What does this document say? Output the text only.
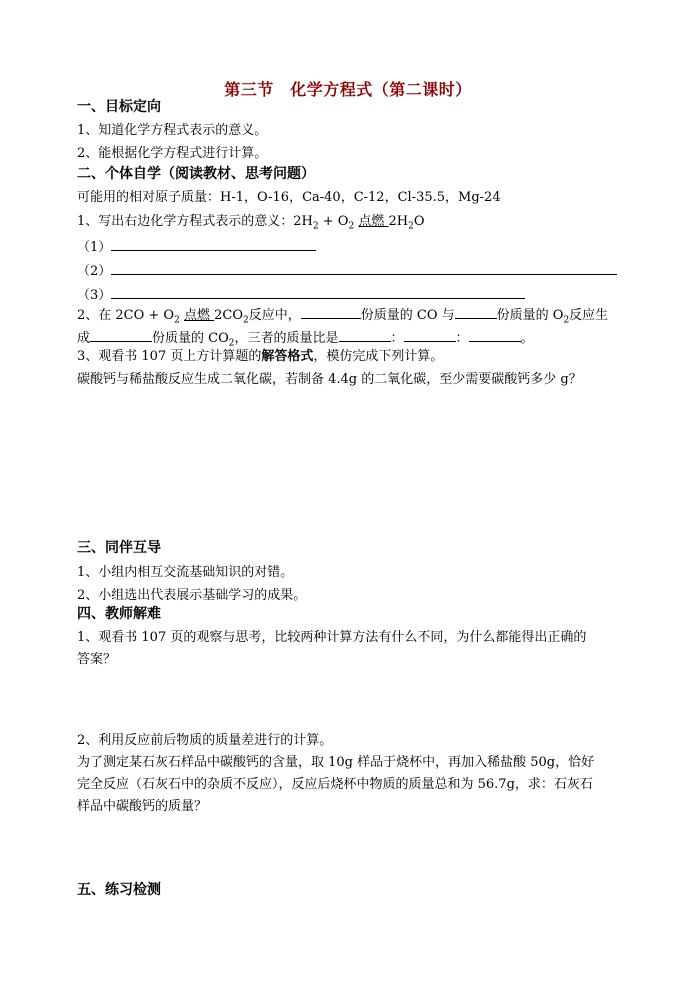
第三节　化学方程式（第二课时）
一、目标定向
1、知道化学方程式表示的意义。
2、能根据化学方程式进行计算。
二、个体自学（阅读教材、思考问题）
可能用的相对原子质量：H-1，O-16，Ca-40，C-12，Cl-35.5，Mg-24
1、写出右边化学方程式表示的意义：$2H_2 + O_2$ 点燃 $2H_2O$
（1）
（2）
（3）
2、在 $2CO + O_2$ 点燃 $2CO_2$反应中，	份质量的 CO 与	份质量的 $O_2$反应生
成	份质量的 $CO_2$，三者的质量比是	：	：	。
3、观看书 107 页上方计算题的解答格式，模仿完成下列计算。
碳酸钙与稀盐酸反应生成二氧化碳，若制备 4.4g 的二氧化碳，至少需要碳酸钙多少 g？
三、同伴互导
1、小组内相互交流基础知识的对错。
2、小组选出代表展示基础学习的成果。
四、教师解难
1、观看书 107 页的观察与思考，比较两种计算方法有什么不同，为什么都能得出正确的
答案？
2、利用反应前后物质的质量差进行的计算。
为了测定某石灰石样品中碳酸钙的含量，取 10g 样品于烧杯中，再加入稀盐酸 50g，恰好
完全反应（石灰石中的杂质不反应），反应后烧杯中物质的质量总和为 56.7g，求：石灰石
样品中碳酸钙的质量？
五、练习检测
